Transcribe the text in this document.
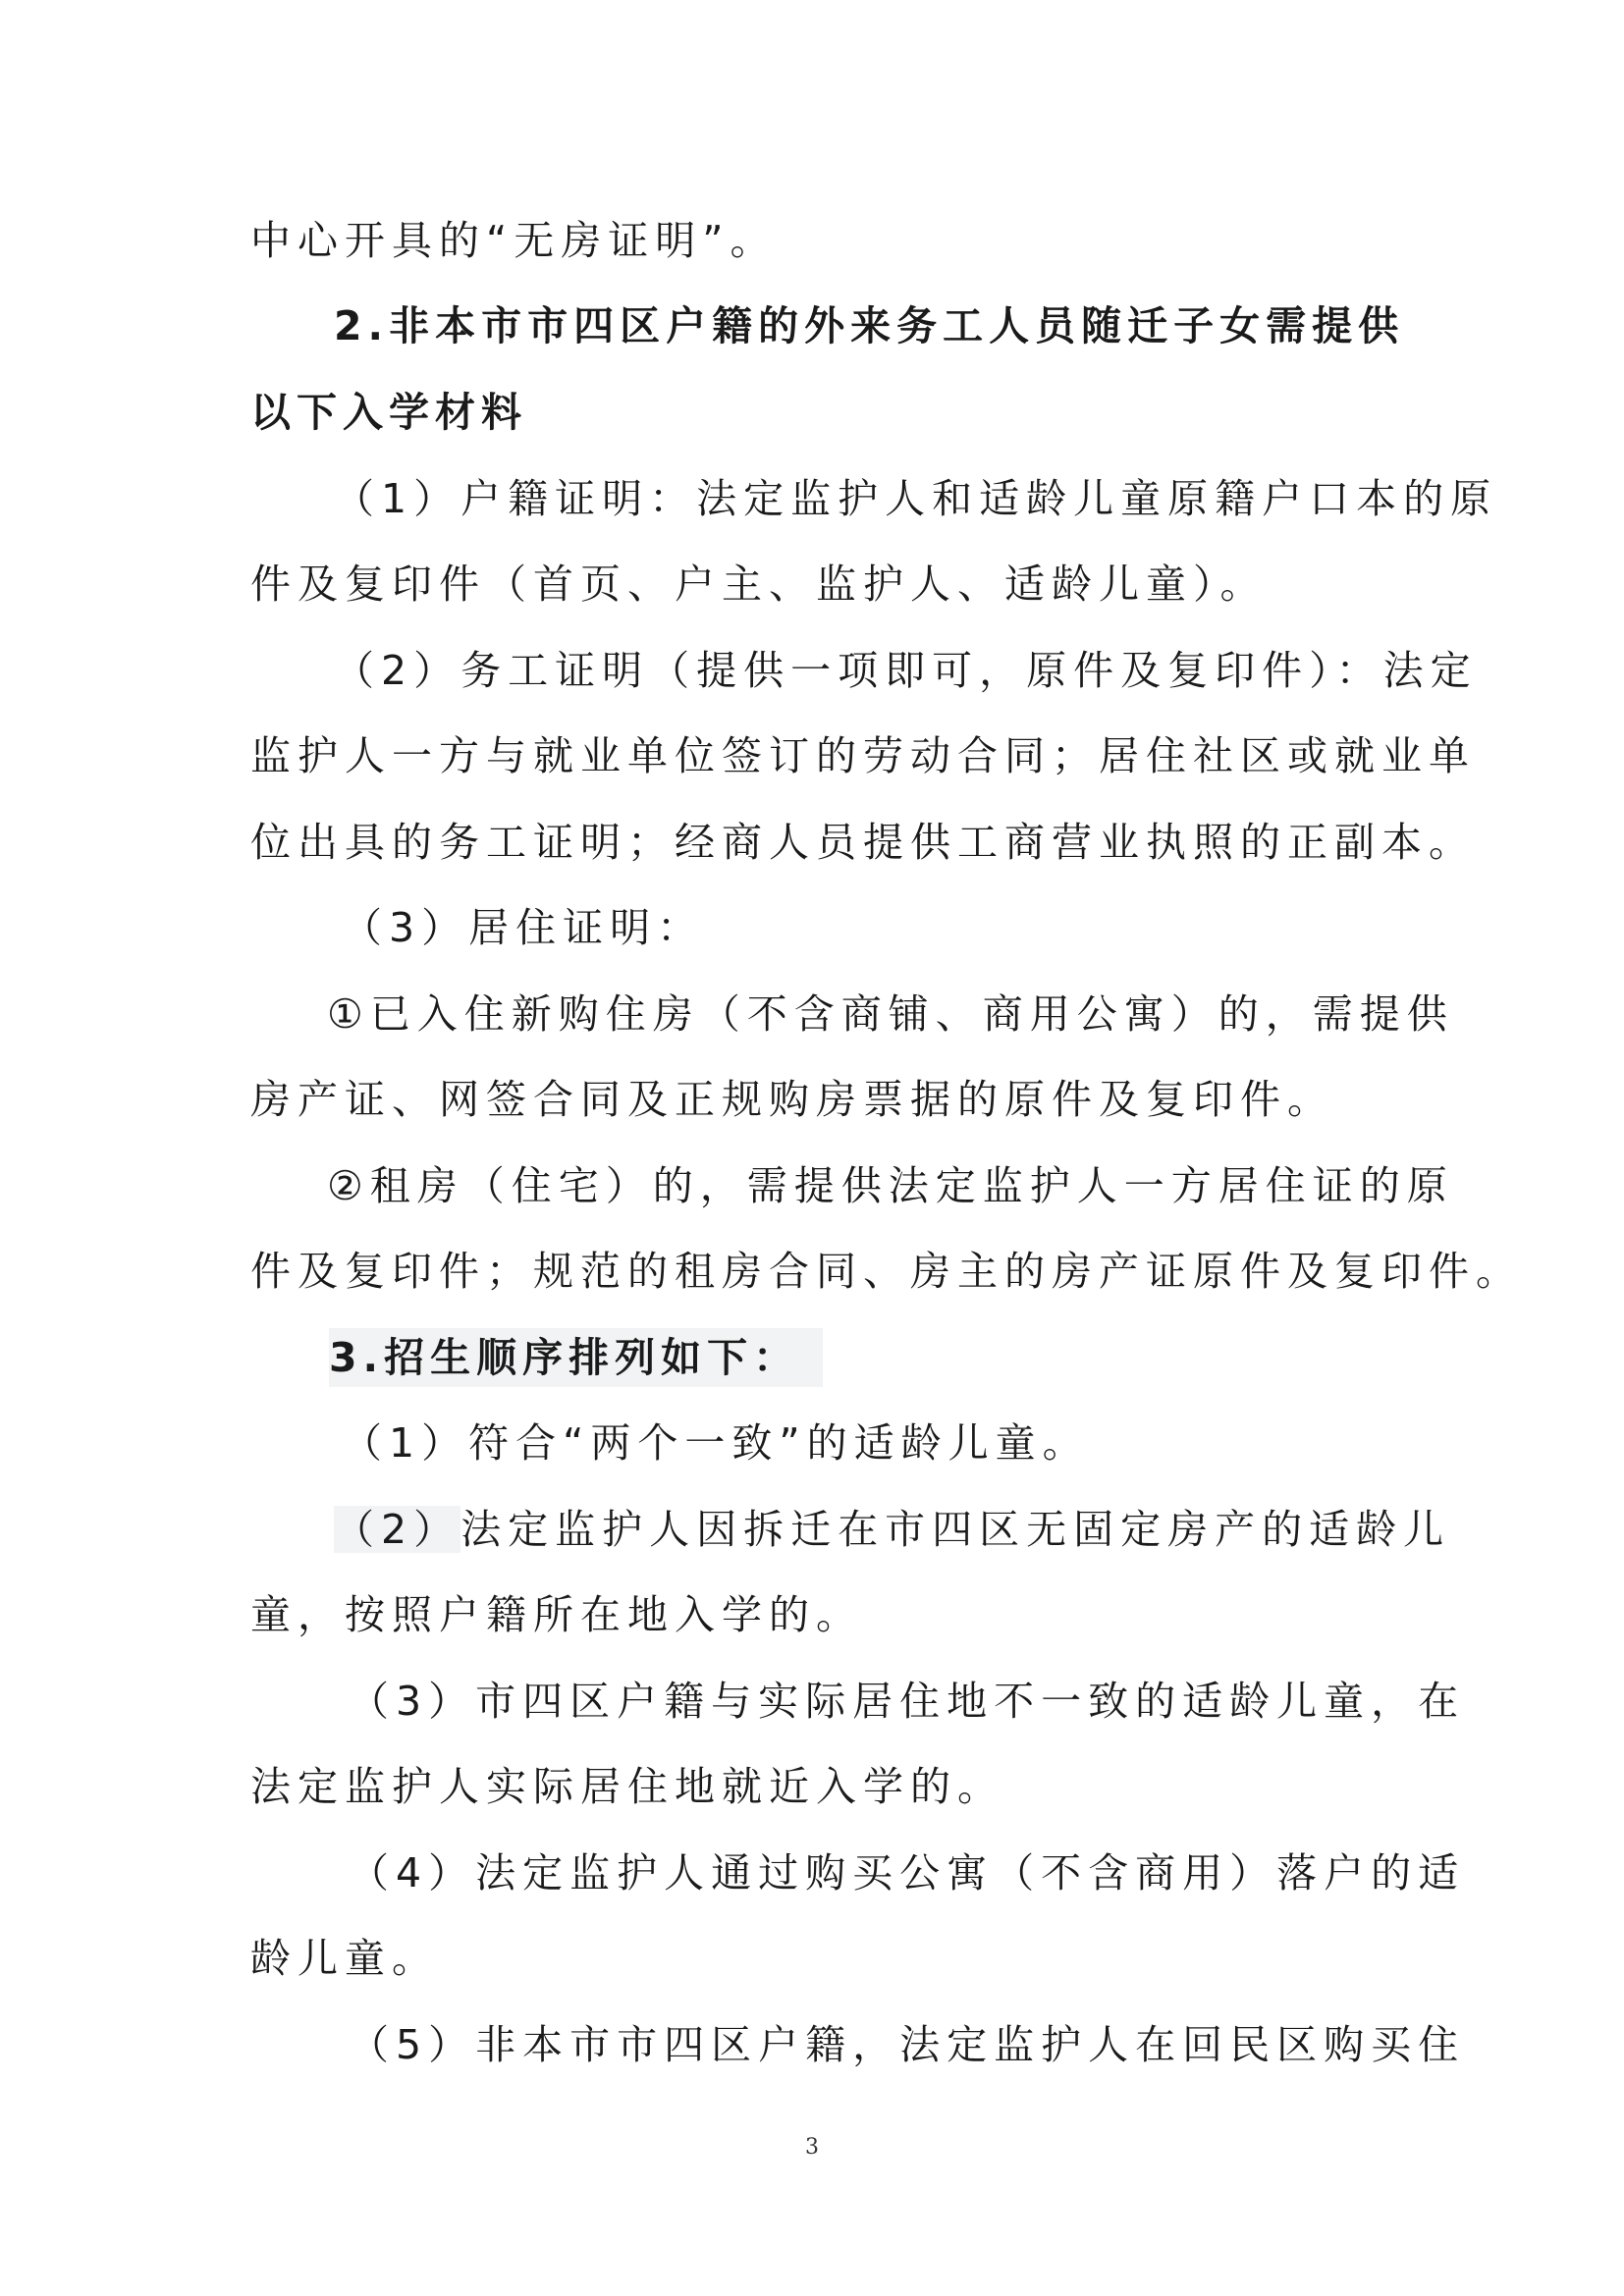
中心开具的“无房证明”。
2.非本市市四区户籍的外来务工人员随迁子女需提供
以下入学材料
（1）户籍证明：法定监护人和适龄儿童原籍户口本的原
件及复印件（首页、户主、监护人、适龄儿童）。
（2）务工证明（提供一项即可，原件及复印件）：法定
监护人一方与就业单位签订的劳动合同；居住社区或就业单
位出具的务工证明；经商人员提供工商营业执照的正副本。
（3）居住证明：
①已入住新购住房（不含商铺、商用公寓）的，需提供
房产证、网签合同及正规购房票据的原件及复印件。
②租房（住宅）的，需提供法定监护人一方居住证的原
件及复印件；规范的租房合同、房主的房产证原件及复印件。
3.招生顺序排列如下：
（1）符合“两个一致”的适龄儿童。
（2）法定监护人因拆迁在市四区无固定房产的适龄儿
童，按照户籍所在地入学的。
（3）市四区户籍与实际居住地不一致的适龄儿童，在
法定监护人实际居住地就近入学的。
（4）法定监护人通过购买公寓（不含商用）落户的适
龄儿童。
（5）非本市市四区户籍，法定监护人在回民区购买住
3
